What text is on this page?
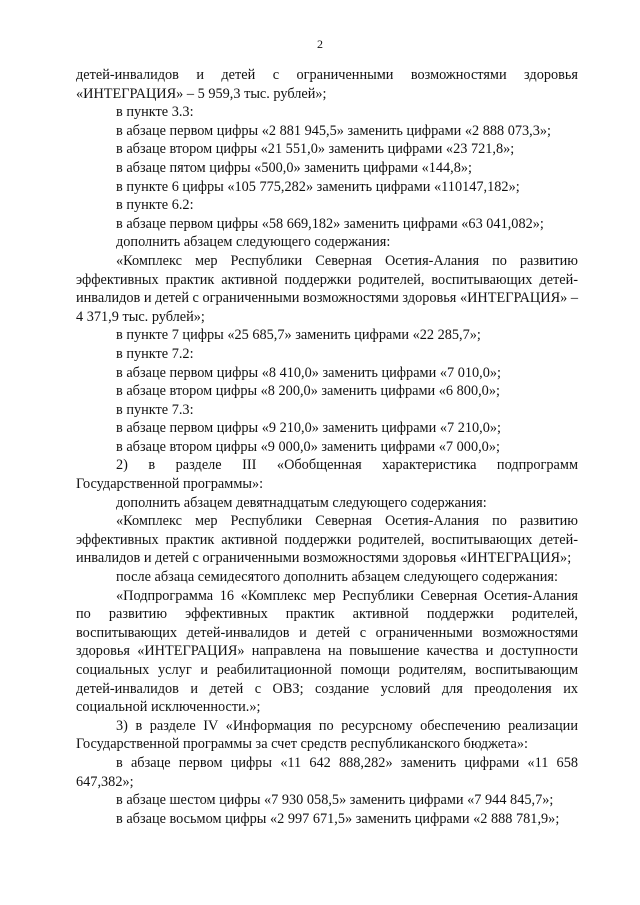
2

детей-инвалидов и детей с ограниченными возможностями здоровья «ИНТЕГРАЦИЯ» – 5 959,3 тыс. рублей»;

в пункте 3.3:

в абзаце первом цифры «2 881 945,5» заменить цифрами «2 888 073,3»;

в абзаце втором цифры «21 551,0» заменить цифрами «23 721,8»;

в абзаце пятом цифры «500,0» заменить цифрами «144,8»;

в пункте 6 цифры «105 775,282» заменить цифрами «110147,182»;

в пункте 6.2:

в абзаце первом цифры «58 669,182» заменить цифрами «63 041,082»;

дополнить абзацем следующего содержания:

«Комплекс мер Республики Северная Осетия-Алания по развитию эффективных практик активной поддержки родителей, воспитывающих детей-инвалидов и детей с ограниченными возможностями здоровья «ИНТЕГРАЦИЯ» – 4 371,9 тыс. рублей»;

в пункте 7 цифры «25 685,7» заменить цифрами «22 285,7»;

в пункте 7.2:

в абзаце первом цифры «8 410,0» заменить цифрами «7 010,0»;

в абзаце втором цифры «8 200,0» заменить цифрами «6 800,0»;

в пункте 7.3:

в абзаце первом цифры «9 210,0» заменить цифрами «7 210,0»;

в абзаце втором цифры «9 000,0» заменить цифрами «7 000,0»;

2) в разделе III «Обобщенная характеристика подпрограмм Государственной программы»:

дополнить абзацем девятнадцатым следующего содержания:

«Комплекс мер Республики Северная Осетия-Алания по развитию эффективных практик активной поддержки родителей, воспитывающих детей-инвалидов и детей с ограниченными возможностями здоровья «ИНТЕГРАЦИЯ»;

после абзаца семидесятого дополнить абзацем следующего содержания:

«Подпрограмма 16 «Комплекс мер Республики Северная Осетия-Алания по развитию эффективных практик активной поддержки родителей, воспитывающих детей-инвалидов и детей с ограниченными возможностями здоровья «ИНТЕГРАЦИЯ» направлена на повышение качества и доступности социальных услуг и реабилитационной помощи родителям, воспитывающим детей-инвалидов и детей с ОВЗ; создание условий для преодоления их социальной исключенности.»;

3) в разделе IV «Информация по ресурсному обеспечению реализации Государственной программы за счет средств республиканского бюджета»:

в абзаце первом цифры «11 642 888,282» заменить цифрами «11 658 647,382»;

в абзаце шестом цифры «7 930 058,5» заменить цифрами «7 944 845,7»;

в абзаце восьмом цифры «2 997 671,5» заменить цифрами «2 888 781,9»;
